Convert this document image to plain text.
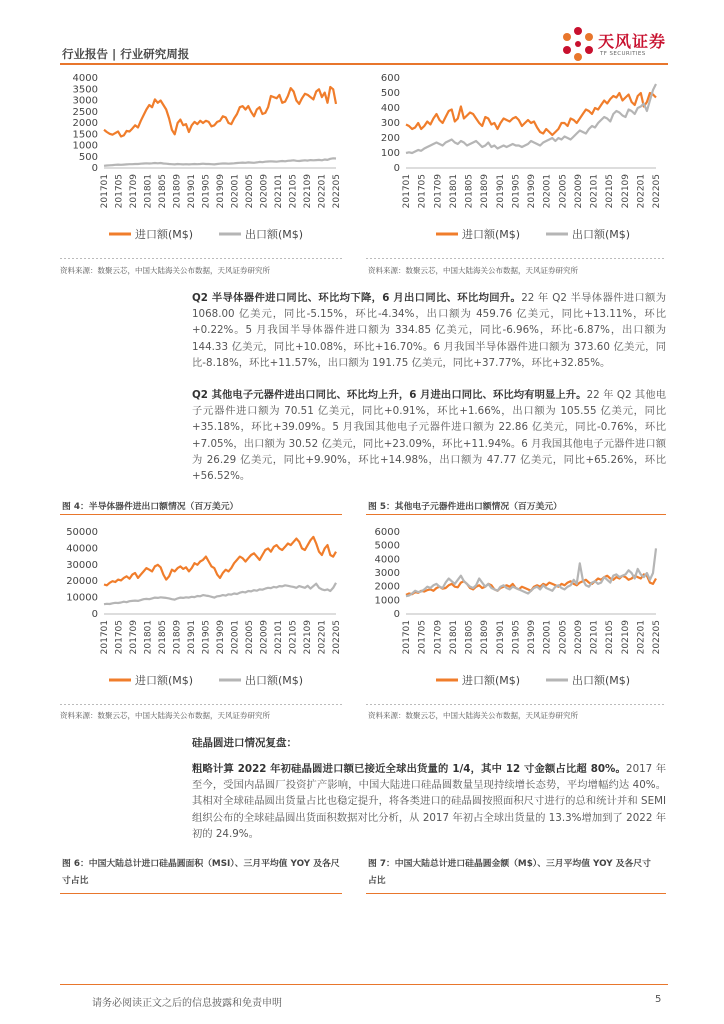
行业报告 | 行业研究周报
天风证券
TF SECURITIES
0
500
1000
1500
2000
2500
3000
3500
4000
201701 201705 201709 201801 201805 201809 201901 201905 201909 202001 202005 202009 202101 202105 202109 202201 202205
进口额(M$)	出口额(M$)
0
100
200
300
400
500
600
201701 201705 201709 201801 201805 201809 201901 201905 201909 202001 202005 202009 202101 202105 202109 202201 202205
进口额(M$)	出口额(M$)
资料来源：数聚云芯，中国大陆海关公布数据，天风证券研究所	资料来源：数聚云芯，中国大陆海关公布数据，天风证券研究所
Q2 半导体器件进口同比、环比均下降，6 月出口同比、环比均回升。22 年 Q2 半导体器件进口额为 1068.00 亿美元，同比-5.15%，环比-4.34%，出口额为 459.76 亿美元，同比+13.11%，环比+0.22%。5 月我国半导体器件进口额为 334.85 亿美元，同比-6.96%，环比-6.87%，出口额为 144.33 亿美元，同比+10.08%，环比+16.70%。6 月我国半导体器件进口额为 373.60 亿美元，同比-8.18%，环比+11.57%，出口额为 191.75 亿美元，同比+37.77%，环比+32.85%。
Q2 其他电子元器件进出口同比、环比均上升，6 月进出口同比、环比均有明显上升。22 年 Q2 其他电子元器件进口额为 70.51 亿美元，同比+0.91%，环比+1.66%，出口额为 105.55 亿美元，同比+35.18%，环比+39.09%。5 月我国其他电子元器件进口额为 22.86 亿美元，同比-0.76%，环比+7.05%，出口额为 30.52 亿美元，同比+23.09%，环比+11.94%。6 月我国其他电子元器件进口额为 26.29 亿美元，同比+9.90%，环比+14.98%，出口额为 47.77 亿美元，同比+65.26%，环比+56.52%。
图 4：半导体器件进出口额情况（百万美元）	图 5：其他电子元器件进出口额情况（百万美元）
0
10000
20000
30000
40000
50000
201701 201705 201709 201801 201805 201809 201901 201905 201909 202001 202005 202009 202101 202105 202109 202201 202205
进口额(M$)	出口额(M$)
0
1000
2000
3000
4000
5000
6000
201701 201705 201709 201801 201805 201809 201901 201905 201909 202001 202005 202009 202101 202105 202109 202201 202205
进口额(M$)	出口额(M$)
资料来源：数聚云芯，中国大陆海关公布数据，天风证券研究所	资料来源：数聚云芯，中国大陆海关公布数据，天风证券研究所
硅晶圆进口情况复盘：
粗略计算 2022 年初硅晶圆进口额已接近全球出货量的 1/4，其中 12 寸金额占比超 80%。2017 年至今，受国内晶圆厂投资扩产影响，中国大陆进口硅晶圆数量呈现持续增长态势，平均增幅约达 40%。其相对全球硅晶圆出货量占比也稳定提升，将各类进口的硅晶圆按照面积尺寸进行的总和统计并和 SEMI 组织公布的全球硅晶圆出货面积数据对比分析，从 2017 年初占全球出货量的 13.3%增加到了 2022 年初的 24.9%。
图 6：中国大陆总计进口硅晶圆面积（MSI）、三月平均值 YOY 及各尺寸占比
图 7：中国大陆总计进口硅晶圆金额（M$）、三月平均值 YOY 及各尺寸占比
请务必阅读正文之后的信息披露和免责申明	5
